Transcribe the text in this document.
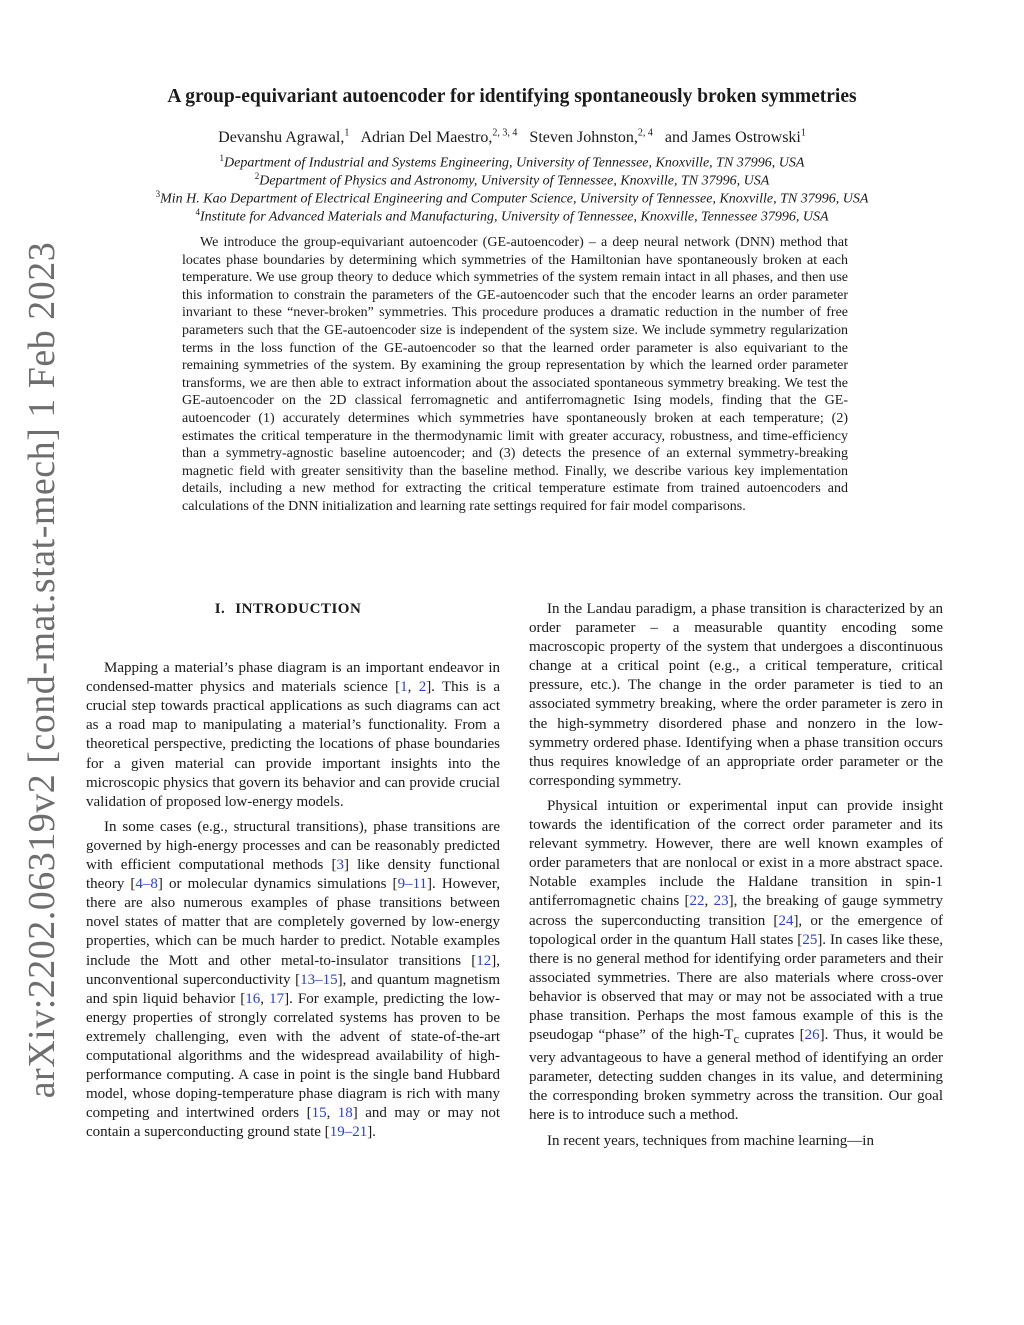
arXiv:2202.06319v2 [cond-mat.stat-mech] 1 Feb 2023
A group-equivariant autoencoder for identifying spontaneously broken symmetries
Devanshu Agrawal,$^1$ Adrian Del Maestro,$^{2, 3, 4}$ Steven Johnston,$^{2, 4}$ and James Ostrowski$^1$
$^1$Department of Industrial and Systems Engineering, University of Tennessee, Knoxville, TN 37996, USA
$^2$Department of Physics and Astronomy, University of Tennessee, Knoxville, TN 37996, USA
$^3$Min H. Kao Department of Electrical Engineering and Computer Science, University of Tennessee, Knoxville, TN 37996, USA
$^4$Institute for Advanced Materials and Manufacturing, University of Tennessee, Knoxville, Tennessee 37996, USA

We introduce the group-equivariant autoencoder (GE-autoencoder) – a deep neural network (DNN) method that locates phase boundaries by determining which symmetries of the Hamiltonian have spontaneously broken at each temperature. We use group theory to deduce which symmetries of the system remain intact in all phases, and then use this information to constrain the parameters of the GE-autoencoder such that the encoder learns an order parameter invariant to these “never-broken” symmetries. This procedure produces a dramatic reduction in the number of free parameters such that the GE-autoencoder size is independent of the system size. We include symmetry regularization terms in the loss function of the GE-autoencoder so that the learned order parameter is also equivariant to the remaining symmetries of the system. By examining the group representation by which the learned order parameter transforms, we are then able to extract information about the associated spontaneous symmetry breaking. We test the GE-autoencoder on the 2D classical ferromagnetic and antiferromagnetic Ising models, finding that the GE-autoencoder (1) accurately determines which symmetries have spontaneously broken at each temperature; (2) estimates the critical temperature in the thermodynamic limit with greater accuracy, robustness, and time-efficiency than a symmetry-agnostic baseline autoencoder; and (3) detects the presence of an external symmetry-breaking magnetic field with greater sensitivity than the baseline method. Finally, we describe various key implementation details, including a new method for extracting the critical temperature estimate from trained autoencoders and calculations of the DNN initialization and learning rate settings required for fair model comparisons.

I. INTRODUCTION

Mapping a material’s phase diagram is an important endeavor in condensed-matter physics and materials science [1, 2]. This is a crucial step towards practical applications as such diagrams can act as a road map to manipulating a material’s functionality. From a theoretical perspective, predicting the locations of phase boundaries for a given material can provide important insights into the microscopic physics that govern its behavior and can provide crucial validation of proposed low-energy models.

In some cases (e.g., structural transitions), phase transitions are governed by high-energy processes and can be reasonably predicted with efficient computational methods [3] like density functional theory [4–8] or molecular dynamics simulations [9–11]. However, there are also numerous examples of phase transitions between novel states of matter that are completely governed by low-energy properties, which can be much harder to predict. Notable examples include the Mott and other metal-to-insulator transitions [12], unconventional superconductivity [13–15], and quantum magnetism and spin liquid behavior [16, 17]. For example, predicting the low-energy properties of strongly correlated systems has proven to be extremely challenging, even with the advent of state-of-the-art computational algorithms and the widespread availability of high-performance computing. A case in point is the single band Hubbard model, whose doping-temperature phase diagram is rich with many competing and intertwined orders [15, 18] and may or may not contain a superconducting ground state [19–21].

In the Landau paradigm, a phase transition is characterized by an order parameter – a measurable quantity encoding some macroscopic property of the system that undergoes a discontinuous change at a critical point (e.g., a critical temperature, critical pressure, etc.). The change in the order parameter is tied to an associated symmetry breaking, where the order parameter is zero in the high-symmetry disordered phase and nonzero in the low-symmetry ordered phase. Identifying when a phase transition occurs thus requires knowledge of an appropriate order parameter or the corresponding symmetry.

Physical intuition or experimental input can provide insight towards the identification of the correct order parameter and its relevant symmetry. However, there are well known examples of order parameters that are nonlocal or exist in a more abstract space. Notable examples include the Haldane transition in spin-1 antiferromagnetic chains [22, 23], the breaking of gauge symmetry across the superconducting transition [24], or the emergence of topological order in the quantum Hall states [25]. In cases like these, there is no general method for identifying order parameters and their associated symmetries. There are also materials where cross-over behavior is observed that may or may not be associated with a true phase transition. Perhaps the most famous example of this is the pseudogap “phase” of the high-$T_c$ cuprates [26]. Thus, it would be very advantageous to have a general method of identifying an order parameter, detecting sudden changes in its value, and determining the corresponding broken symmetry across the transition. Our goal here is to introduce such a method.

In recent years, techniques from machine learning—in
